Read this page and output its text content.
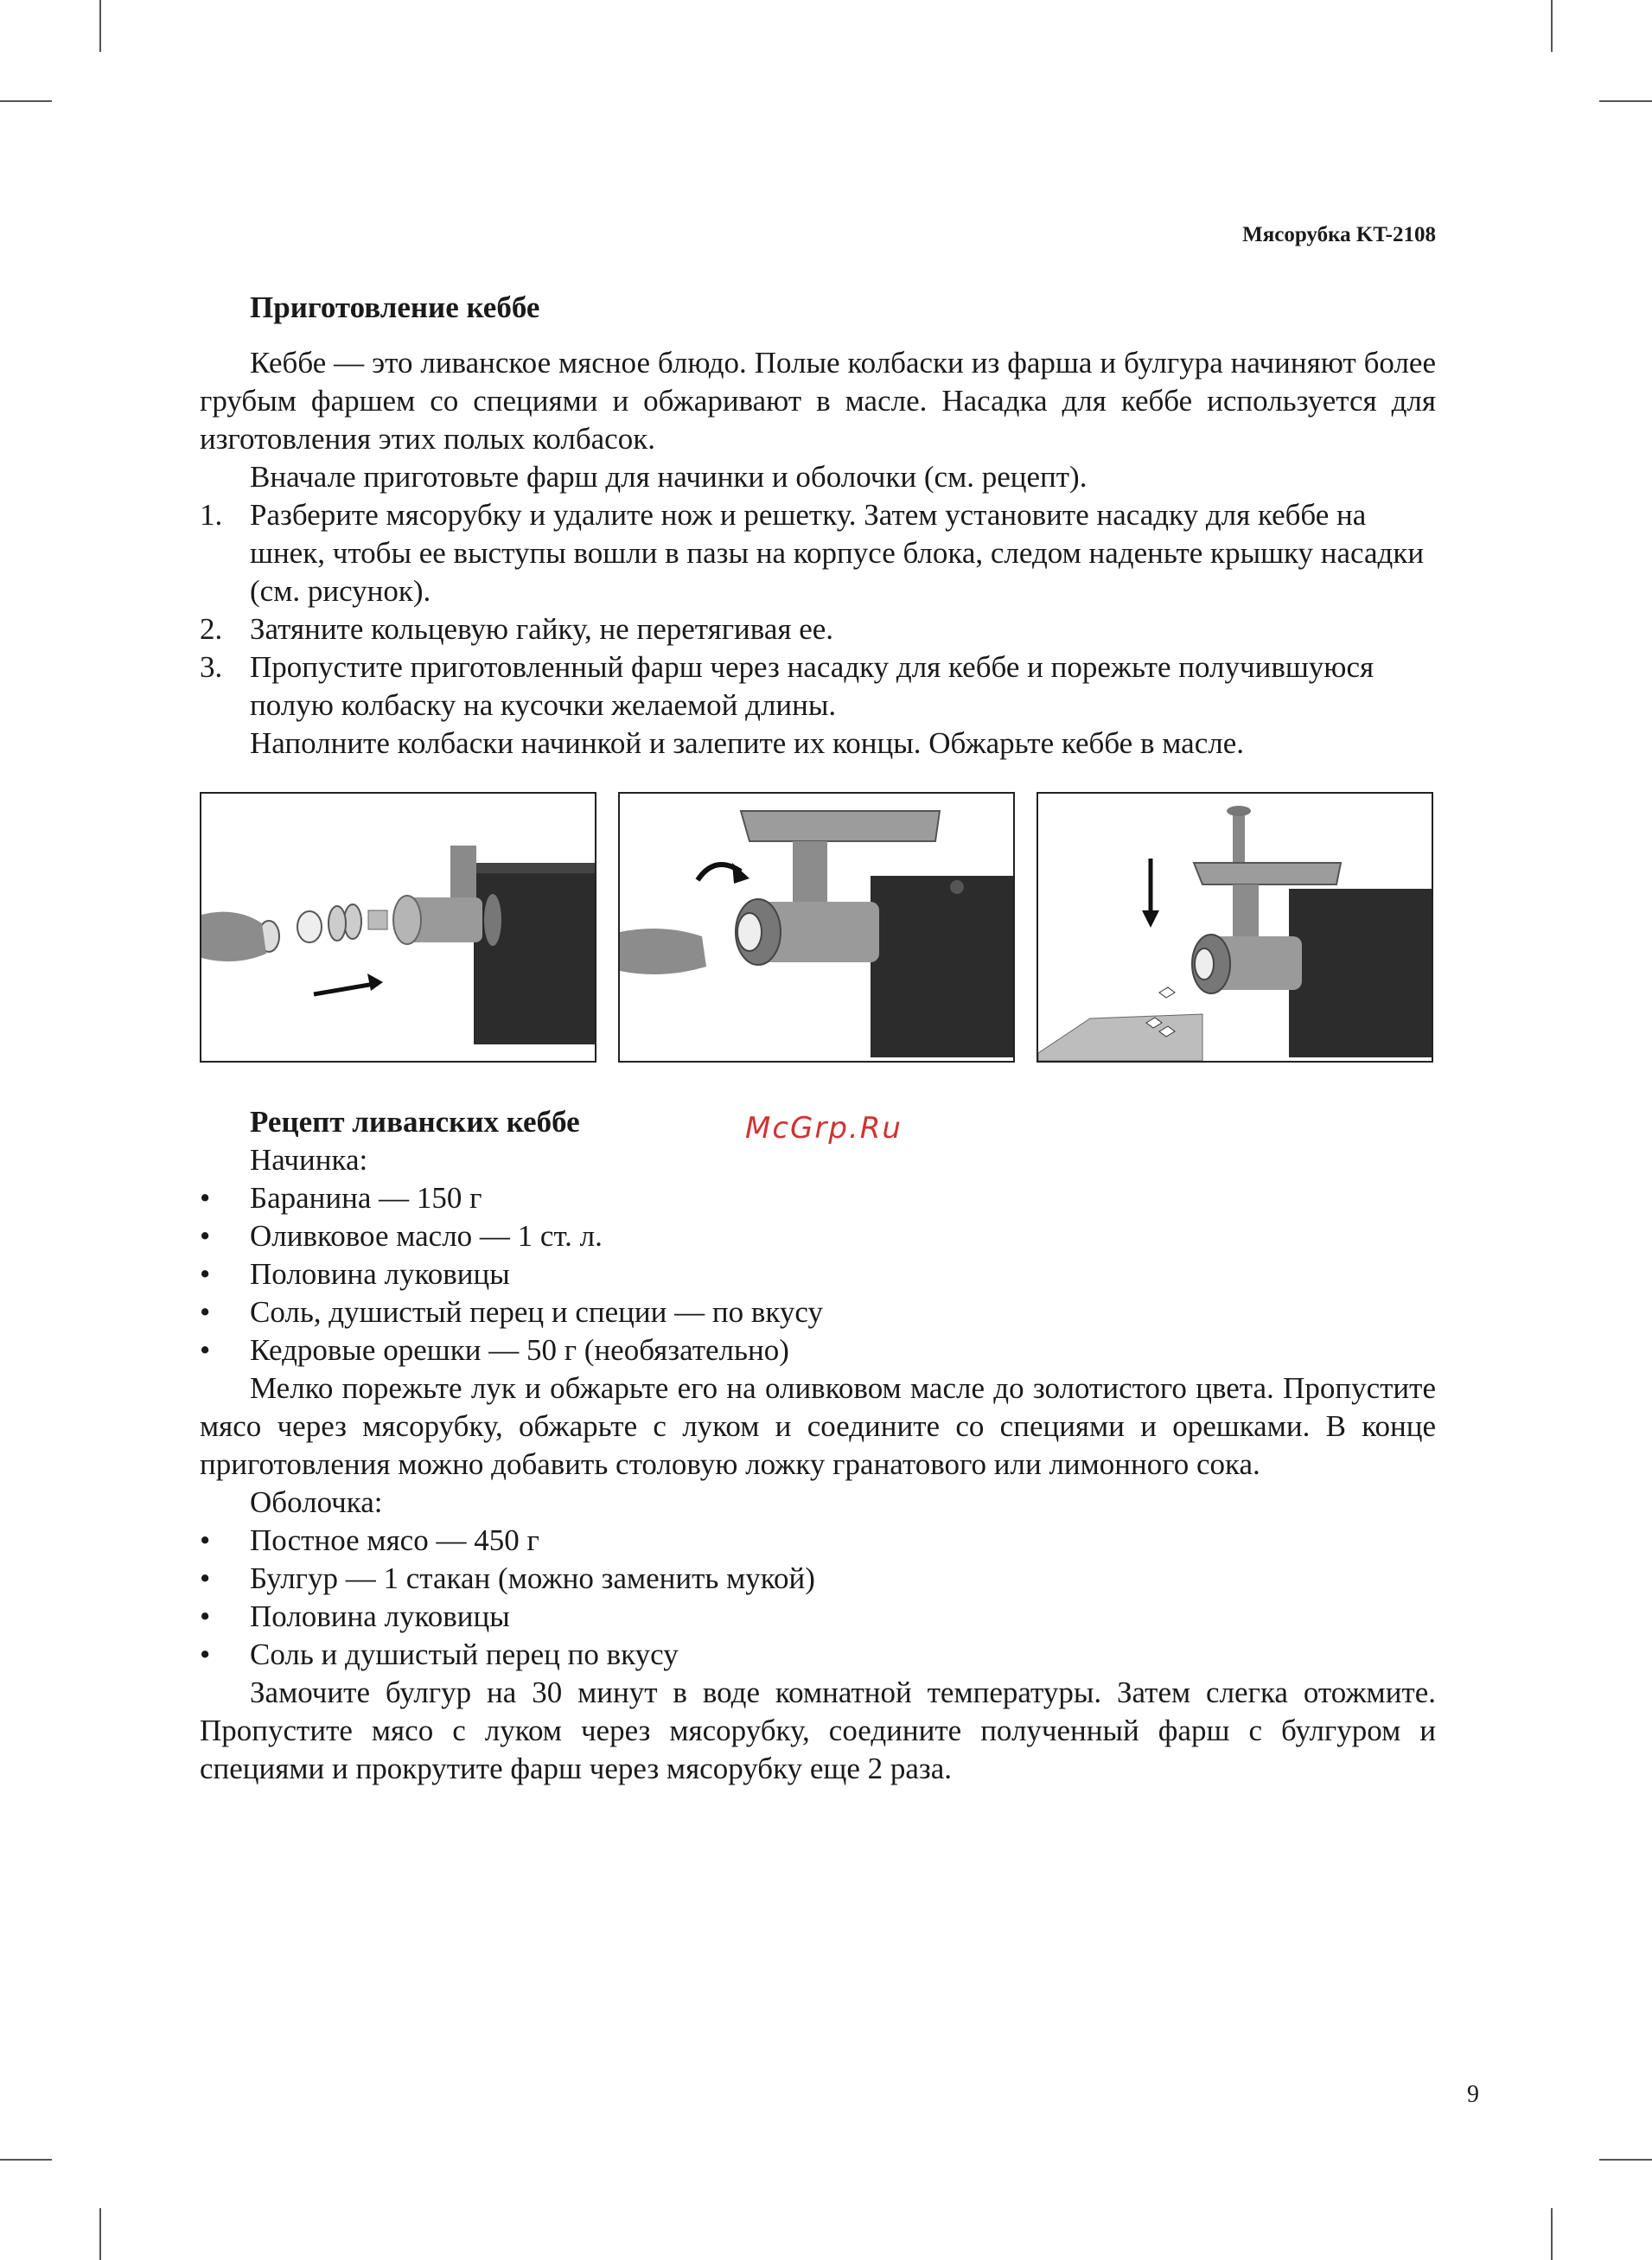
Мясорубка KT-2108

Приготовление кеббе

Кеббе — это ливанское мясное блюдо. Полые колбаски из фарша и булгура начиняют более грубым фаршем со специями и обжаривают в масле. Насадка для кеббе используется для изготовления этих полых колбасок.

Вначале приготовьте фарш для начинки и оболочки (см. рецепт).

1. Разберите мясорубку и удалите нож и решетку. Затем установите насадку для кеббе на шнек, чтобы ее выступы вошли в пазы на корпусе блока, следом наденьте крышку насадки (см. рисунок).
2. Затяните кольцевую гайку, не перетягивая ее.
3. Пропустите приготовленный фарш через насадку для кеббе и порежьте получившуюся полую колбаску на кусочки желаемой длины.

Наполните колбаски начинкой и залепите их концы. Обжарьте кеббе в масле.

McGrp.Ru

Рецепт ливанских кеббе

Начинка:

• Баранина — 150 г
• Оливковое масло — 1 ст. л.
• Половина луковицы
• Соль, душистый перец и специи — по вкусу
• Кедровые орешки — 50 г (необязательно)

Мелко порежьте лук и обжарьте его на оливковом масле до золотистого цвета. Пропустите мясо через мясорубку, обжарьте с луком и соедините со специями и орешками. В конце приготовления можно добавить столовую ложку гранатового или лимонного сока.

Оболочка:

• Постное мясо — 450 г
• Булгур — 1 стакан (можно заменить мукой)
• Половина луковицы
• Соль и душистый перец по вкусу

Замочите булгур на 30 минут в воде комнатной температуры. Затем слегка отожмите. Пропустите мясо с луком через мясорубку, соедините полученный фарш с булгуром и специями и прокрутите фарш через мясорубку еще 2 раза.

9
